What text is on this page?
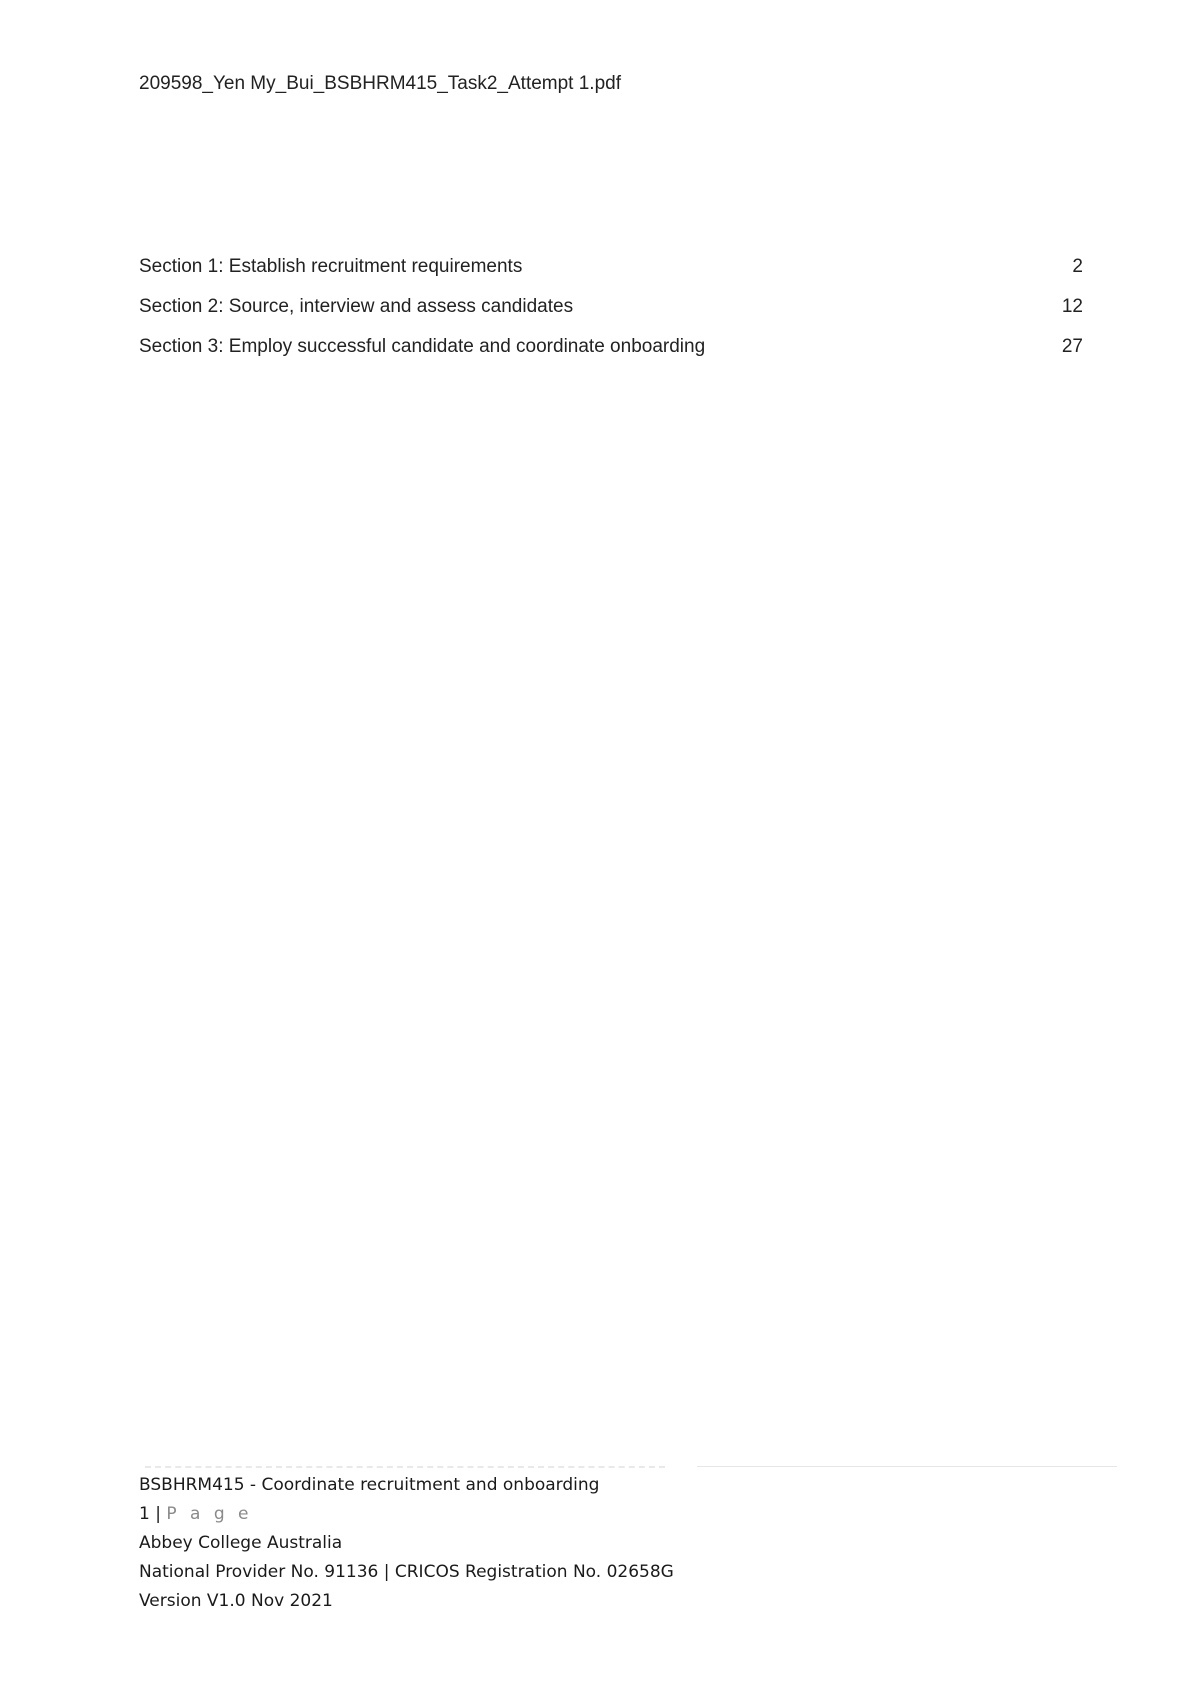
209598_Yen My_Bui_BSBHRM415_Task2_Attempt 1.pdf
Section 1: Establish recruitment requirements	2
Section 2: Source, interview and assess candidates	12
Section 3: Employ successful candidate and coordinate onboarding	27
BSBHRM415 - Coordinate recruitment and onboarding
1 | P a g e
Abbey College Australia
National Provider No. 91136 | CRICOS Registration No. 02658G
Version V1.0 Nov 2021
